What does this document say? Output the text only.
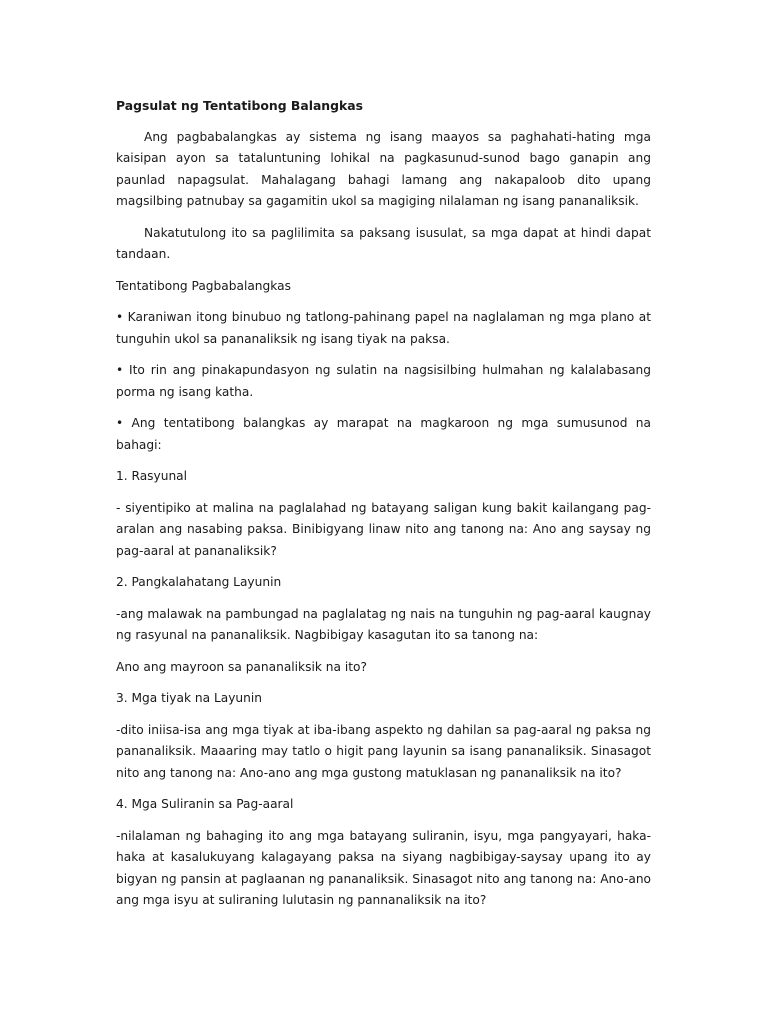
Pagsulat ng Tentatibong Balangkas

Ang pagbabalangkas ay sistema ng isang maayos sa paghahati-hating mga kaisipan ayon sa tataluntuning lohikal na pagkasunud-sunod bago ganapin ang paunlad napagsulat. Mahalagang bahagi lamang ang nakapaloob dito upang magsilbing patnubay sa gagamitin ukol sa magiging nilalaman ng isang pananaliksik.

Nakatutulong ito sa paglilimita sa paksang isusulat, sa mga dapat at hindi dapat tandaan.

Tentatibong Pagbabalangkas

• Karaniwan itong binubuo ng tatlong-pahinang papel na naglalaman ng mga plano at tunguhin ukol sa pananaliksik ng isang tiyak na paksa.

• Ito rin ang pinakapundasyon ng sulatin na nagsisilbing hulmahan ng kalalabasang porma ng isang katha.

• Ang tentatibong balangkas ay marapat na magkaroon ng mga sumusunod na bahagi:

1. Rasyunal

- siyentipiko at malina na paglalahad ng batayang saligan kung bakit kailangang pag-aralan ang nasabing paksa. Binibigyang linaw nito ang tanong na: Ano ang saysay ng pag-aaral at pananaliksik?

2. Pangkalahatang Layunin

-ang malawak na pambungad na paglalatag ng nais na tunguhin ng pag-aaral kaugnay ng rasyunal na pananaliksik. Nagbibigay kasagutan ito sa tanong na:

Ano ang mayroon sa pananaliksik na ito?

3. Mga tiyak na Layunin

-dito iniisa-isa ang mga tiyak at iba-ibang aspekto ng dahilan sa pag-aaral ng paksa ng pananaliksik. Maaaring may tatlo o higit pang layunin sa isang pananaliksik. Sinasagot nito ang tanong na: Ano-ano ang mga gustong matuklasan ng pananaliksik na ito?

4. Mga Suliranin sa Pag-aaral

-nilalaman ng bahaging ito ang mga batayang suliranin, isyu, mga pangyayari, haka-haka at kasalukuyang kalagayang paksa na siyang nagbibigay-saysay upang ito ay bigyan ng pansin at paglaanan ng pananaliksik. Sinasagot nito ang tanong na: Ano-ano ang mga isyu at suliraning lulutasin ng pannanaliksik na ito?
